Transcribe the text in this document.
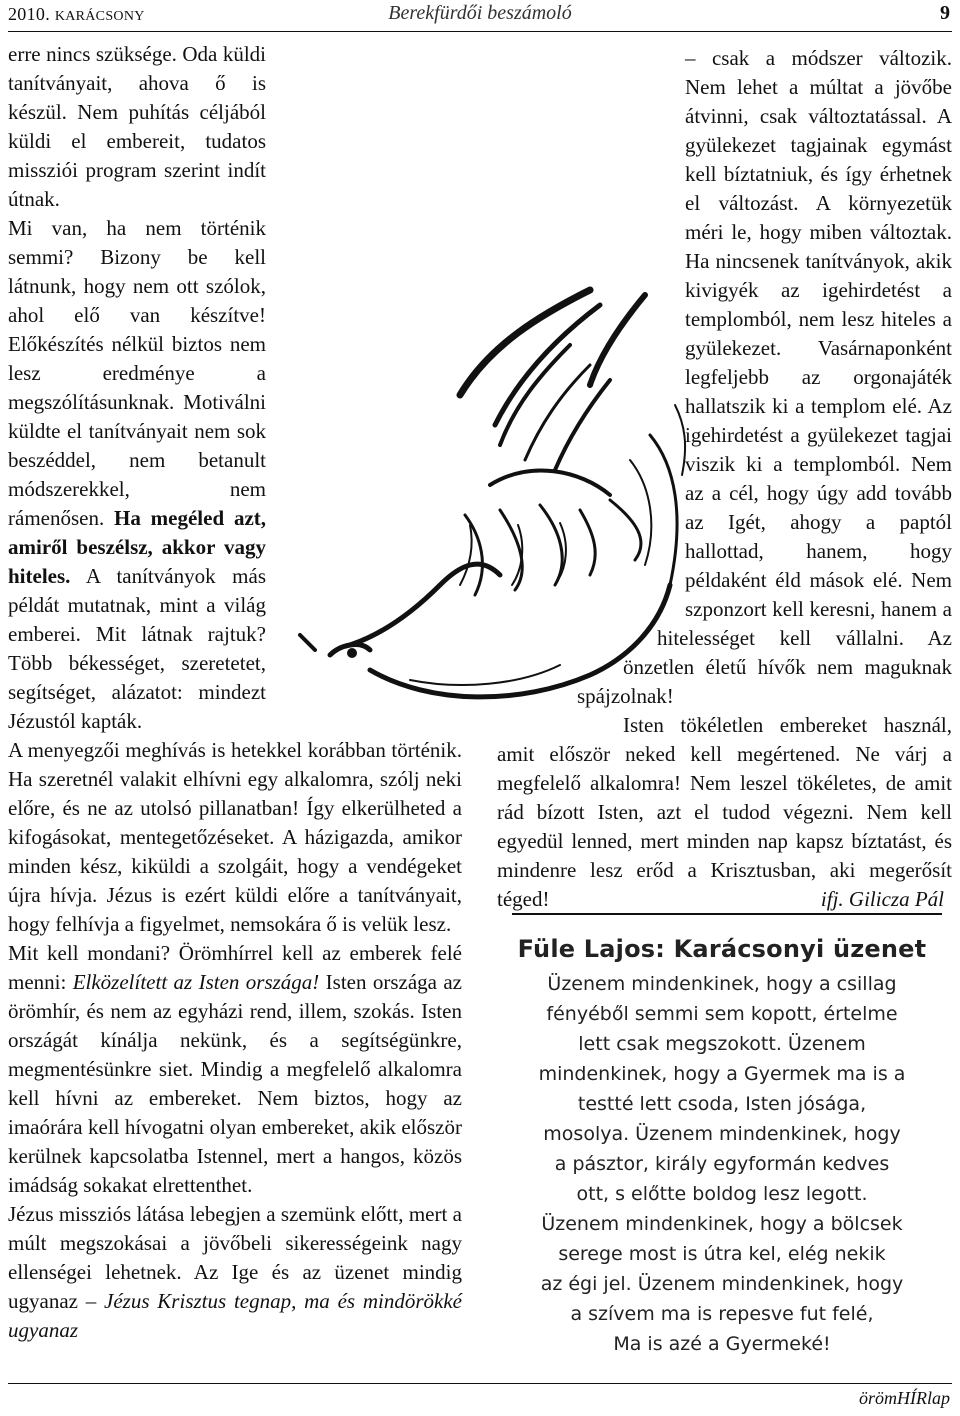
2010. KARÁCSONY	Berekfürdői beszámoló	9

erre nincs szüksége. Oda küldi tanítványait, ahova ő is készül. Nem puhítás céljából küldi el embereit, tudatos missziói program szerint indít útnak.

Mi van, ha nem történik semmi? Bizony be kell látnunk, hogy nem ott szólok, ahol elő van készítve! Előkészítés nélkül biztos nem lesz eredménye a megszólításunknak. Motiválni küldte el tanítványait nem sok beszéddel, nem betanult módszerekkel, nem rámenősen. Ha megéled azt, amiről beszélsz, akkor vagy hiteles. A tanítványok más példát mutatnak, mint a világ emberei. Mit látnak rajtuk? Több békességet, szeretetet, segítséget, alázatot: mindezt Jézustól kapták.

A menyegzői meghívás is hetekkel korábban történik. Ha szeretnél valakit elhívni egy alkalomra, szólj neki előre, és ne az utolsó pillanatban! Így elkerülheted a kifogásokat, mentegetőzéseket. A házigazda, amikor minden kész, kiküldi a szolgáit, hogy a vendégeket újra hívja. Jézus is ezért küldi előre a tanítványait, hogy felhívja a figyelmet, nemsokára ő is velük lesz.

Mit kell mondani? Örömhírrel kell az emberek felé menni: Elközelített az Isten országa! Isten országa az örömhír, és nem az egyházi rend, illem, szokás. Isten országát kínálja nekünk, és a segítségünkre, megmentésünkre siet. Mindig a megfelelő alkalomra kell hívni az embereket. Nem biztos, hogy az imaórára kell hívogatni olyan embereket, akik először kerülnek kapcsolatba Istennel, mert a hangos, közös imádság sokakat elrettenthet.

Jézus missziós látása lebegjen a szemünk előtt, mert a múlt megszokásai a jövőbeli sikerességeink nagy ellenségei lehetnek. Az Ige és az üzenet mindig ugyanaz – Jézus Krisztus tegnap, ma és mindörökké ugyanaz

– csak a módszer változik. Nem lehet a múltat a jövőbe átvinni, csak változtatással. A gyülekezet tagjainak egymást kell bíztatniuk, és így érhetnek el változást. A környezetük méri le, hogy miben változtak. Ha nincsenek tanítványok, akik kivigyék az igehirdetést a templomból, nem lesz hiteles a gyülekezet. Vasárnaponként legfeljebb az orgonajáték hallatszik ki a templom elé. Az igehirdetést a gyülekezet tagjai viszik ki a templomból. Nem az a cél, hogy úgy add tovább az Igét, ahogy a paptól hallottad, hanem, hogy példaként éld mások elé. Nem szponzort kell keresni, hanem a hitelességet kell vállalni. Az önzetlen életű hívők nem maguknak spájzolnak!

Isten tökéletlen embereket használ, amit először neked kell megértened. Ne várj a megfelelő alkalomra! Nem leszel tökéletes, de amit rád bízott Isten, azt el tudod végezni. Nem kell egyedül lenned, mert minden nap kapsz bíztatást, és mindenre lesz erőd a Krisztusban, aki megerősít téged!	ifj. Gilicza Pál

Füle Lajos: Karácsonyi üzenet
Üzenem mindenkinek, hogy a csillag
fényéből semmi sem kopott, értelme
lett csak megszokott. Üzenem
mindenkinek, hogy a Gyermek ma is a
testté lett csoda, Isten jósága,
mosolya. Üzenem mindenkinek, hogy
a pásztor, király egyformán kedves
ott, s előtte boldog lesz legott.
Üzenem mindenkinek, hogy a bölcsek
serege most is útra kel, elég nekik
az égi jel. Üzenem mindenkinek, hogy
a szívem ma is repesve fut felé,
Ma is azé a Gyermeké!
örömHÍRlap
